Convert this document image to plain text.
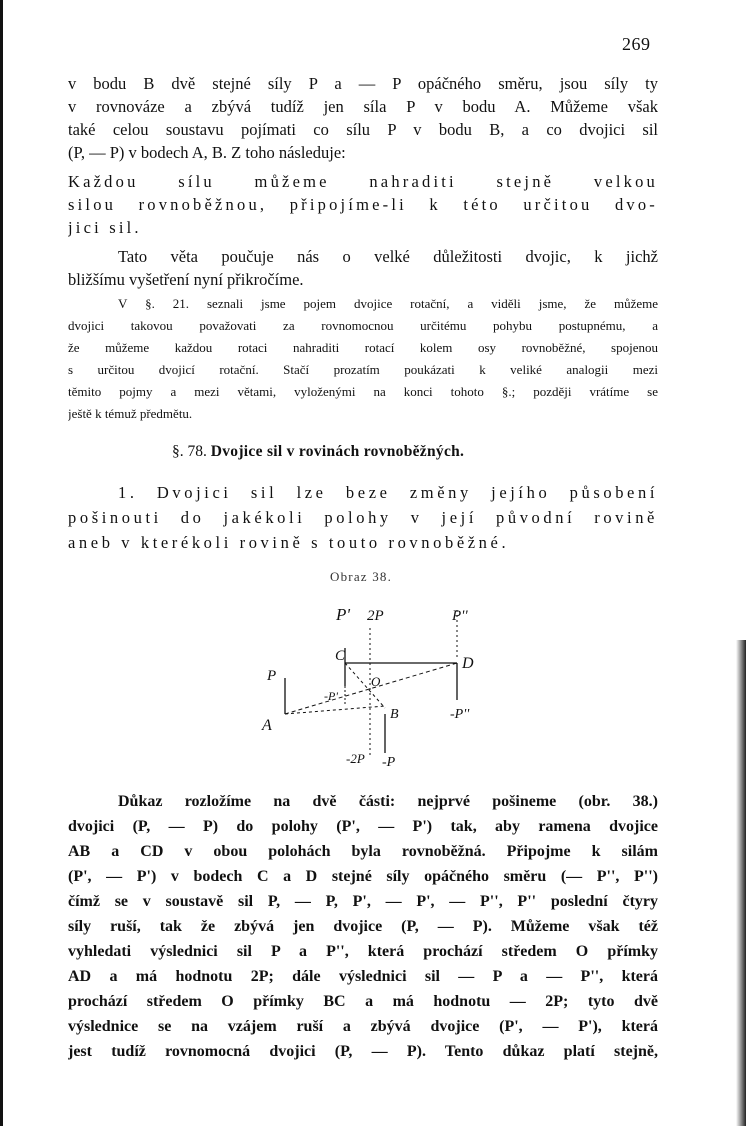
269
v bodu B dvě stejné síly P a — P opáčného směru, jsou síly ty
v rovnováze a zbývá tudíž jen síla P v bodu A. Můžeme však
také celou soustavu pojímati co sílu P v bodu B, a co dvojici sil
(P, — P) v bodech A, B. Z toho následuje:
Každou sílu můžeme nahraditi stejně velkou
silou rovnoběžnou, připojíme-li k této určitou dvo-
jici sil.
Tato věta poučuje nás o velké důležitosti dvojic, k jichž
bližšímu vyšetření nyní přikročíme.
V §. 21. seznali jsme pojem dvojice rotační, a viděli jsme, že můžeme
dvojici takovou považovati za rovnomocnou určitému pohybu postupnému, a
že můžeme každou rotaci nahraditi rotací kolem osy rovnoběžné, spojenou
s určitou dvojicí rotační. Stačí prozatím poukázati k veliké analogii mezi
těmito pojmy a mezi větami, vyloženými na konci tohoto §.; později vrátíme se
ještě k témuž předmětu.
§. 78. Dvojice sil v rovinách rovnoběžných.
1. Dvojici sil lze beze změny jejího působení
pošinouti do jakékoli polohy v její původní rovině
aneb v kterékoli rovině s touto rovnoběžné.
Obraz 38.
P' 2P	P''
C	D
P	O
-P'
B	-P''
A
-2P -P
Důkaz rozložíme na dvě části: nejprvé pošineme (obr. 38.)
dvojici (P, — P) do polohy (P', — P') tak, aby ramena dvojice
AB a CD v obou polohách byla rovnoběžná. Připojme k silám
(P', — P') v bodech C a D stejné síly opáčného směru (— P'', P'')
čímž se v soustavě sil P, — P, P', — P', — P'', P'' poslední čtyry
síly ruší, tak že zbývá jen dvojice (P, — P). Můžeme však též
vyhledati výslednici sil P a P'', která prochází středem O přímky
AD a má hodnotu 2P; dále výslednici sil — P a — P'', která
prochází středem O přímky BC a má hodnotu — 2P; tyto dvě
výslednice se na vzájem ruší a zbývá dvojice (P', — P'), která
jest tudíž rovnomocná dvojici (P, — P). Tento důkaz platí stejně,
